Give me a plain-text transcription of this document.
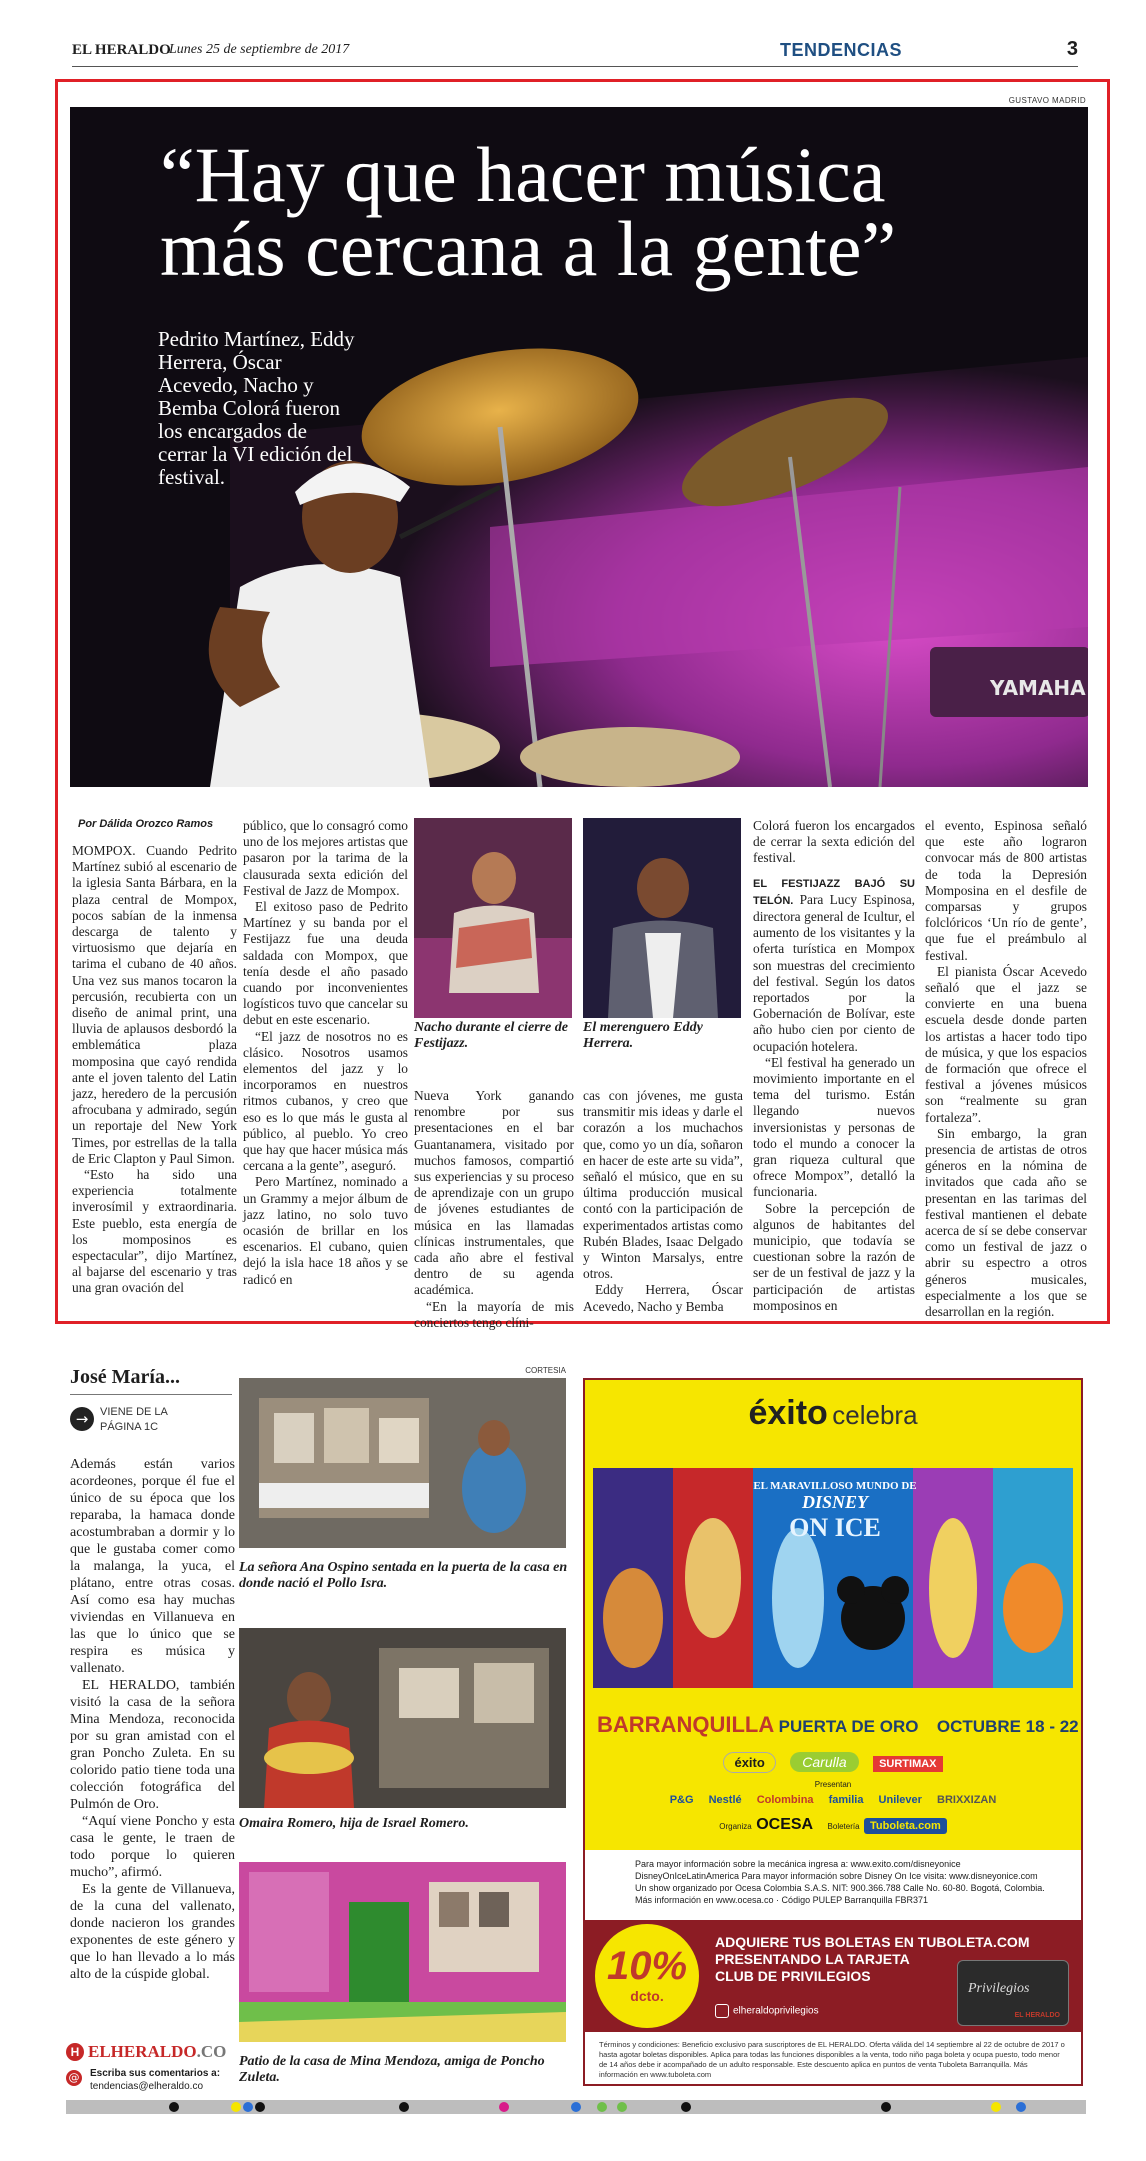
EL HERALDO
Lunes 25 de septiembre de 2017	TENDENCIAS	3
GUSTAVO MADRID
YAMAHA
“Hay que hacer música
más cercana a la gente”
Pedrito Martínez, Eddy Herrera, Óscar Acevedo, Nacho y Bemba Colorá fueron los encargados de cerrar la VI edición del festival.
Por Dálida Orozco Ramos

MOMPOX. Cuando Pedrito Martínez subió al escenario de la iglesia Santa Bárbara, en la plaza central de Mompox, pocos sabían de la inmensa descarga de talento y virtuosismo que dejaría en tarima el cubano de 40 años. Una vez sus manos tocaron la percusión, recubierta con un diseño de animal print, una lluvia de aplausos desbordó la emblemática plaza momposina que cayó rendida ante el joven talento del Latin jazz, heredero de la percusión afrocubana y admirado, según un reportaje del New York Times, por estrellas de la talla de Eric Clapton y Paul Simon.

“Esto ha sido una experiencia totalmente inverosímil y extraordinaria. Este pueblo, esta energía de los momposinos es espectacular”, dijo Martínez, al bajarse del escenario y tras una gran ovación del

público, que lo consagró como uno de los mejores artistas que pasaron por la tarima de la clausurada sexta edición del Festival de Jazz de Mompox.

El exitoso paso de Pedrito Martínez y su banda por el Festijazz fue una deuda saldada con Mompox, que tenía desde el año pasado cuando por inconvenientes logísticos tuvo que cancelar su debut en este escenario.

“El jazz de nosotros no es clásico. Nosotros usamos elementos del jazz y lo incorporamos en nuestros ritmos cubanos, y creo que eso es lo que más le gusta al público, al pueblo. Yo creo que hay que hacer música más cercana a la gente”, aseguró.

Pero Martínez, nominado a un Grammy a mejor álbum de jazz latino, no solo tuvo ocasión de brillar en los escenarios. El cubano, quien dejó la isla hace 18 años y se radicó en

Nacho durante el cierre de Festijazz.
El merenguero Eddy Herrera.

Nueva York ganando renombre por sus presentaciones en el bar Guantanamera, visitado por muchos famosos, compartió sus experiencias y su proceso de aprendizaje con un grupo de jóvenes estudiantes de música en las llamadas clínicas instrumentales, que cada año abre el festival dentro de su agenda académica.

“En la mayoría de mis conciertos tengo clíni-

cas con jóvenes, me gusta transmitir mis ideas y darle el corazón a los muchachos que, como yo un día, soñaron en hacer de este arte su vida”, señaló el músico, que en su última producción musical contó con la participación de experimentados artistas como Rubén Blades, Isaac Delgado y Winton Marsalys, entre otros.

Eddy Herrera, Óscar Acevedo, Nacho y Bemba

Colorá fueron los encargados de cerrar la sexta edición del festival.

EL FESTIJAZZ BAJÓ SU TELÓN. Para Lucy Espinosa, directora general de Icultur, el aumento de los visitantes y la oferta turística en Mompox son muestras del crecimiento del festival. Según los datos reportados por la Gobernación de Bolívar, este año hubo cien por ciento de ocupación hotelera.

“El festival ha generado un movimiento importante en el tema del turismo. Están llegando nuevos inversionistas y personas de todo el mundo a conocer la gran riqueza cultural que ofrece Mompox”, detalló la funcionaria.

Sobre la percepción de algunos de habitantes del municipio, que todavía se cuestionan sobre la razón de ser de un festival de jazz y la participación de artistas momposinos en

el evento, Espinosa señaló que este año lograron convocar más de 800 artistas de toda la Depresión Momposina en el desfile de comparsas y grupos folclóricos ‘Un río de gente’, que fue el preámbulo al festival.

El pianista Óscar Acevedo señaló que el jazz se convierte en una buena escuela desde donde parten los artistas a hacer todo tipo de música, y que los espacios de formación que ofrece el festival a jóvenes músicos son “realmente su gran fortaleza”.

Sin embargo, la gran presencia de artistas de otros géneros en la nómina de invitados que cada año se presentan en las tarimas del festival mantienen el debate acerca de sí se debe conservar como un festival de jazz o abrir su espectro a otros géneros musicales, especialmente a los que se desarrollan en la región.

José María...
→	VIENE DE LA PÁGINA 1C

Además están varios acordeones, porque él fue el único de su época que los reparaba, la hamaca donde acostumbraban a dormir y lo que le gustaba comer como la malanga, la yuca, el plátano, entre otras cosas. Así como esa hay muchas viviendas en Villanueva en las que lo único que se respira es música y vallenato.

EL HERALDO, también visitó la casa de la señora Mina Mendoza, reconocida por su gran amistad con el gran Poncho Zuleta. En su colorido patio tiene toda una colección fotográfica del Pulmón de Oro.

“Aquí viene Poncho y esta casa le gente, le traen de todo porque lo quieren mucho”, afirmó.

Es la gente de Villanueva, de la cuna del vallenato, donde nacieron los grandes exponentes de este género y que lo han llevado a lo más alto de la cúspide global.

CORTESIA
La señora Ana Ospino sentada en la puerta de la casa en donde nació el Pollo Isra.
Omaira Romero, hija de Israel Romero.
Patio de la casa de Mina Mendoza, amiga de Poncho Zuleta.
H ELHERALDO.CO
@ Escriba sus comentarios a:
tendencias@elheraldo.co
éxito celebra
EL MARAVILLOSO MUNDO DE
DISNEY
ON ICE
BARRANQUILLA PUERTA DE ORO OCTUBRE 18 - 22
éxito	Carulla	SURTIMAX
Presentan
P&G Nestlé Colombina familia Unilever BRIXXIZAN
Organiza OCESA Boletería Tuboleta.com
Para mayor información sobre la mecánica ingresa a: www.exito.com/disneyonice
DisneyOnIceLatinAmerica Para mayor información sobre Disney On Ice visita: www.disneyonice.com
Un show organizado por Ocesa Colombia S.A.S. NIT: 900.366.788 Calle No. 60-80. Bogotá, Colombia.
Más información en www.ocesa.co · Código PULEP Barranquilla FBR371
10%
dcto.
ADQUIERE TUS BOLETAS EN TUBOLETA.COM
PRESENTANDO LA TARJETA
CLUB DE PRIVILEGIOS
elheraldoprivilegios
Privilegios
EL HERALDO
Términos y condiciones: Beneficio exclusivo para suscriptores de EL HERALDO. Oferta válida del 14 septiembre al 22 de octubre de 2017 o hasta agotar boletas disponibles. Aplica para todas las funciones disponibles a la venta, todo niño paga boleta y ocupa puesto, todo menor de 14 años debe ir acompañado de un adulto responsable. Este descuento aplica en puntos de venta Tuboleta Barranquilla. Más información en www.tuboleta.com
